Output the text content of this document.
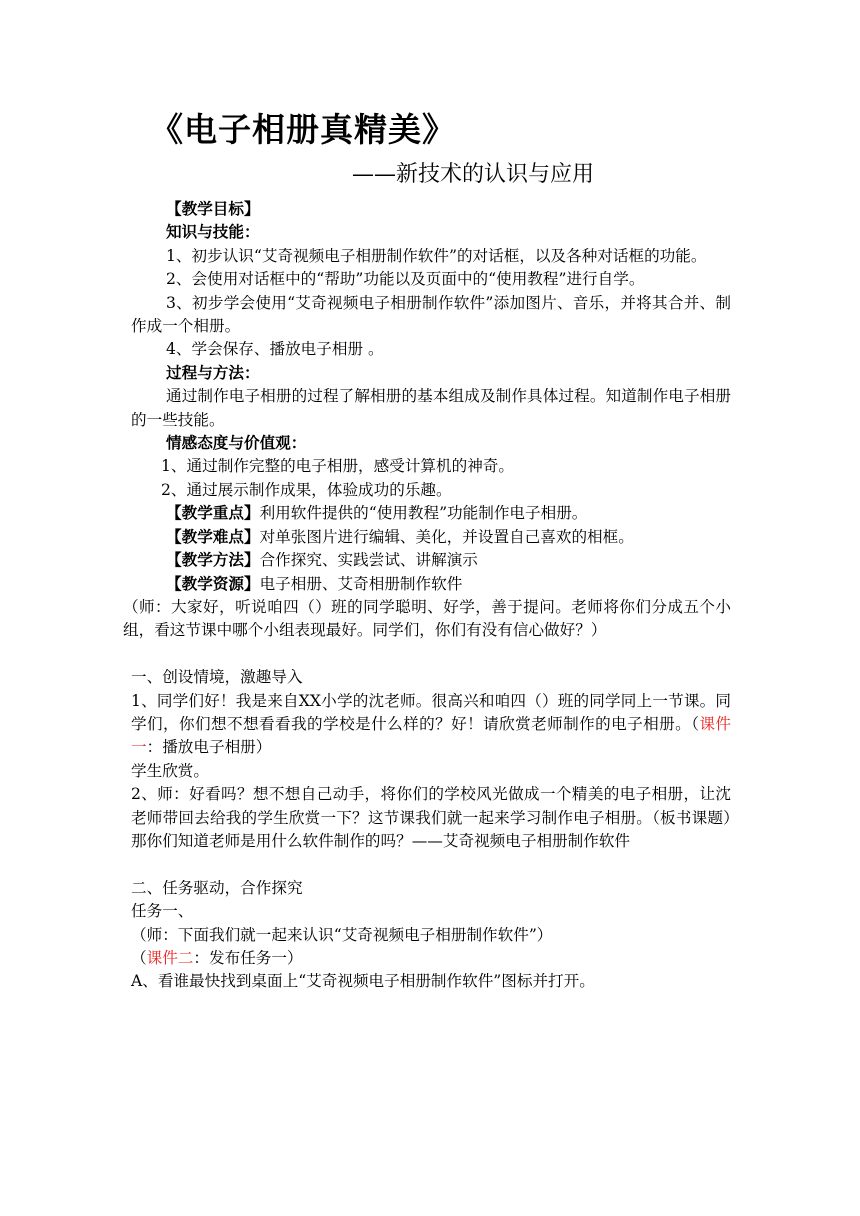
《电子相册真精美》
——新技术的认识与应用

【教学目标】

知识与技能：

1、初步认识“艾奇视频电子相册制作软件”的对话框，以及各种对话框的功能。

2、会使用对话框中的“帮助”功能以及页面中的“使用教程”进行自学。

3、初步学会使用“艾奇视频电子相册制作软件”添加图片、音乐，并将其合并、制作成一个相册。

4、学会保存、播放电子相册 。

过程与方法：

通过制作电子相册的过程了解相册的基本组成及制作具体过程。知道制作电子相册的一些技能。

情感态度与价值观：

1、通过制作完整的电子相册，感受计算机的神奇。

2、通过展示制作成果，体验成功的乐趣。

【教学重点】利用软件提供的“使用教程”功能制作电子相册。

【教学难点】对单张图片进行编辑、美化，并设置自己喜欢的相框。

【教学方法】合作探究、实践尝试、讲解演示

【教学资源】电子相册、艾奇相册制作软件

（师：大家好，听说咱四（）班的同学聪明、好学，善于提问。老师将你们分成五个小组，看这节课中哪个小组表现最好。同学们，你们有没有信心做好？）

一、创设情境，激趣导入

1、同学们好！我是来自XX小学的沈老师。很高兴和咱四（）班的同学同上一节课。同学们，你们想不想看看我的学校是什么样的？好！请欣赏老师制作的电子相册。（课件一：播放电子相册）

学生欣赏。

2、师：好看吗？想不想自己动手，将你们的学校风光做成一个精美的电子相册，让沈老师带回去给我的学生欣赏一下？这节课我们就一起来学习制作电子相册。（板书课题）那你们知道老师是用什么软件制作的吗？——艾奇视频电子相册制作软件

二、任务驱动，合作探究

任务一、

（师：下面我们就一起来认识“艾奇视频电子相册制作软件”）

（课件二：发布任务一）

A、看谁最快找到桌面上“艾奇视频电子相册制作软件”图标并打开。
